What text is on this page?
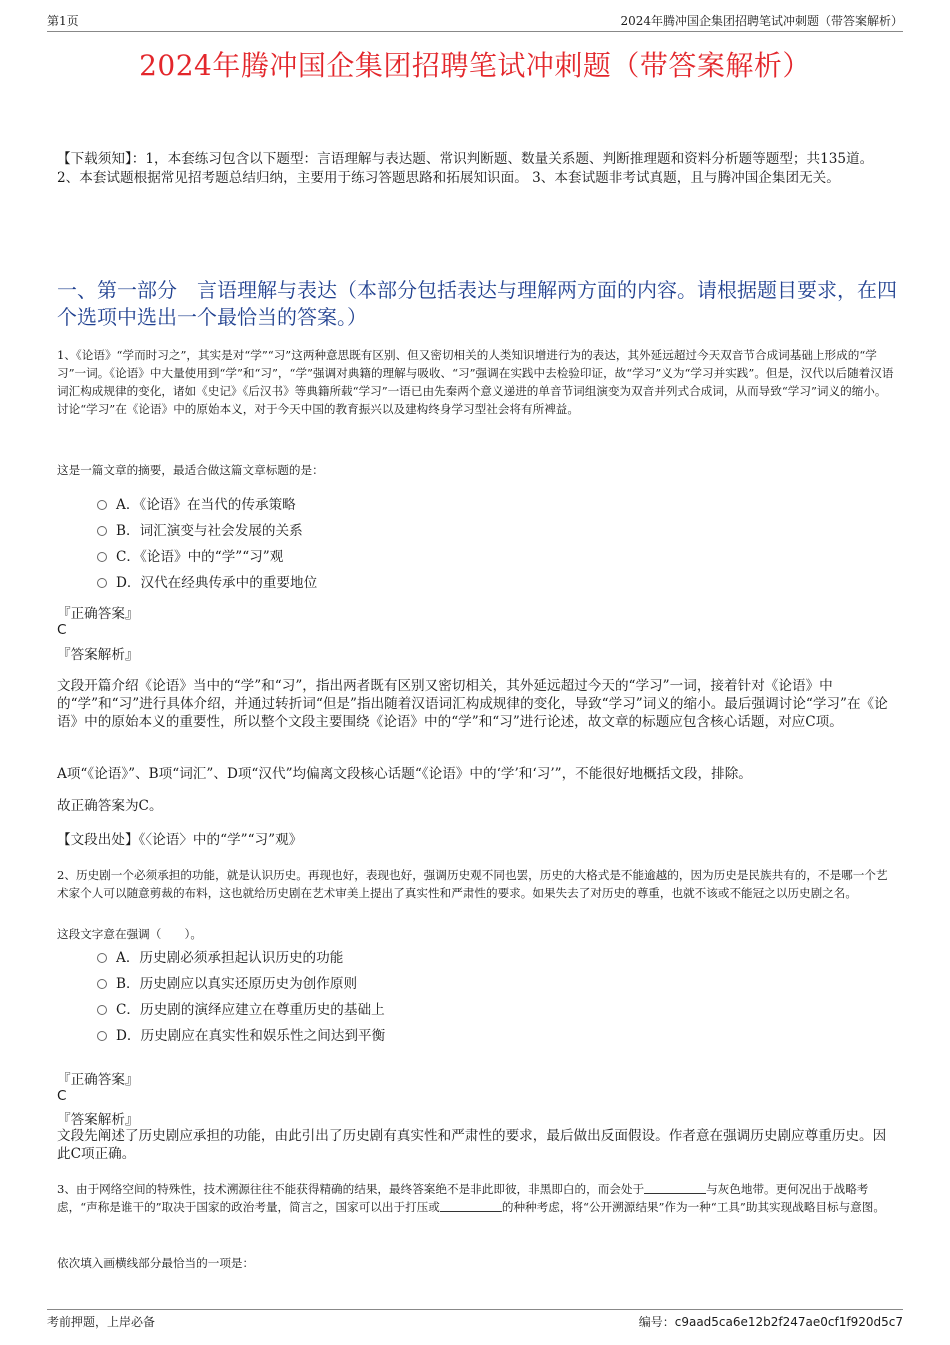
第1页	2024年腾冲国企集团招聘笔试冲刺题（带答案解析）
2024年腾冲国企集团招聘笔试冲刺题（带答案解析）
【下载须知】：1，本套练习包含以下题型：言语理解与表达题、常识判断题、数量关系题、判断推理题和资料分析题等题型；共135道。 2、本套试题根据常见招考题总结归纳，主要用于练习答题思路和拓展知识面。 3、本套试题非考试真题，且与腾冲国企集团无关。
一、第一部分　言语理解与表达（本部分包括表达与理解两方面的内容。请根据题目要求，在四个选项中选出一个最恰当的答案。）
1、《论语》“学而时习之”，其实是对“学”“习”这两种意思既有区别、但又密切相关的人类知识增进行为的表达，其外延远超过今天双音节合成词基础上形成的“学习”一词。《论语》中大量使用到“学”和“习”，“学”强调对典籍的理解与吸收、“习”强调在实践中去检验印证，故“学习”义为“学习并实践”。但是，汉代以后随着汉语词汇构成规律的变化，诸如《史记》《后汉书》等典籍所载“学习”一语已由先秦两个意义递进的单音节词组演变为双音并列式合成词，从而导致“学习”词义的缩小。讨论“学习”在《论语》中的原始本义，对于今天中国的教育振兴以及建构终身学习型社会将有所裨益。
这是一篇文章的摘要，最适合做这篇文章标题的是：
A．《论语》在当代的传承策略
B．词汇演变与社会发展的关系
C．《论语》中的“学”“习”观
D．汉代在经典传承中的重要地位
『正确答案』
C
『答案解析』
文段开篇介绍《论语》当中的“学”和“习”，指出两者既有区别又密切相关，其外延远超过今天的“学习”一词，接着针对《论语》中的“学”和“习”进行具体介绍，并通过转折词“但是”指出随着汉语词汇构成规律的变化，导致“学习”词义的缩小。最后强调讨论“学习”在《论语》中的原始本义的重要性，所以整个文段主要围绕《论语》中的“学”和“习”进行论述，故文章的标题应包含核心话题，对应C项。
A项“《论语》”、B项“词汇”、D项“汉代”均偏离文段核心话题“《论语》中的‘学’和‘习’”，不能很好地概括文段，排除。
故正确答案为C。
【文段出处】《〈论语〉中的“学”“习”观》
2、历史剧一个必须承担的功能，就是认识历史。再现也好，表现也好，强调历史观不同也罢，历史的大格式是不能逾越的，因为历史是民族共有的，不是哪一个艺术家个人可以随意剪裁的布料，这也就给历史剧在艺术审美上提出了真实性和严肃性的要求。如果失去了对历史的尊重，也就不该或不能冠之以历史剧之名。
这段文字意在强调（　　）。
A．历史剧必须承担起认识历史的功能
B．历史剧应以真实还原历史为创作原则
C．历史剧的演绎应建立在尊重历史的基础上
D．历史剧应在真实性和娱乐性之间达到平衡
『正确答案』
C
『答案解析』
文段先阐述了历史剧应承担的功能，由此引出了历史剧有真实性和严肃性的要求，最后做出反面假设。作者意在强调历史剧应尊重历史。因此C项正确。
3、由于网络空间的特殊性，技术溯源往往不能获得精确的结果，最终答案绝不是非此即彼，非黑即白的，而会处于	与灰色地带。更何况出于战略考虑，“声称是谁干的”取决于国家的政治考量，简言之，国家可以出于打压或	的种种考虑，将“公开溯源结果”作为一种“工具”助其实现战略目标与意图。
依次填入画横线部分最恰当的一项是：
考前押题，上岸必备	编号：c9aad5ca6e12b2f247ae0cf1f920d5c7
